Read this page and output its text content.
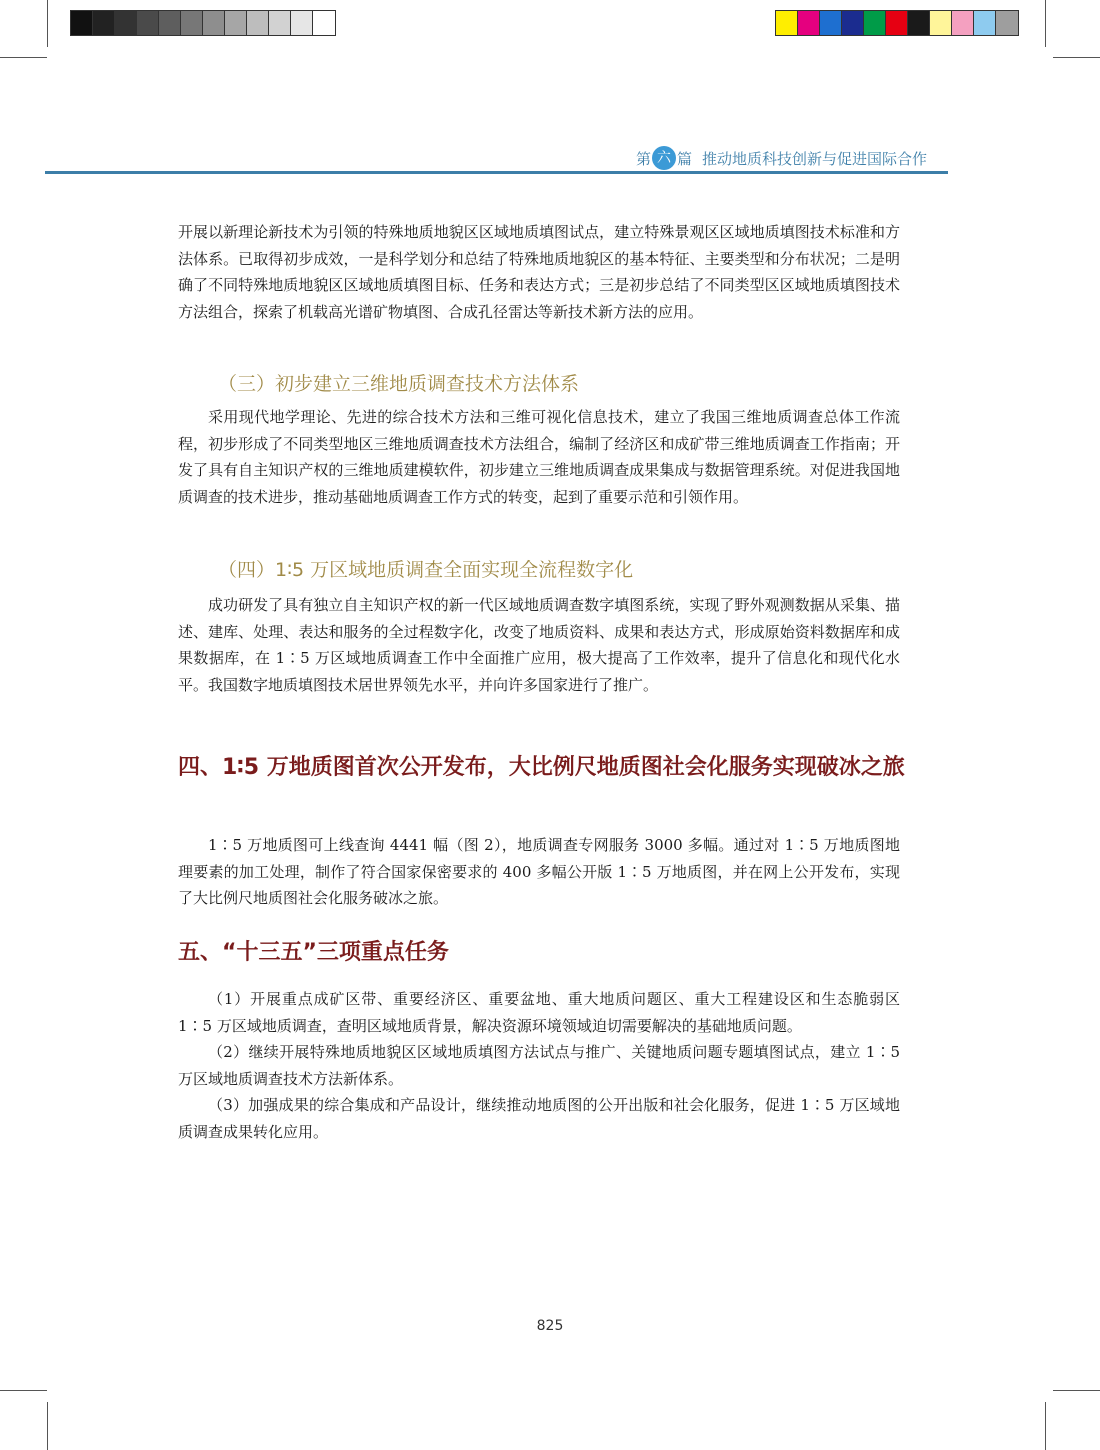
第 六 篇 推动地质科技创新与促进国际合作

开展以新理论新技术为引领的特殊地质地貌区区域地质填图试点，建立特殊景观区区域地质填图技术标准和方法体系。已取得初步成效，一是科学划分和总结了特殊地质地貌区的基本特征、主要类型和分布状况；二是明确了不同特殊地质地貌区区域地质填图目标、任务和表达方式；三是初步总结了不同类型区区域地质填图技术方法组合，探索了机载高光谱矿物填图、合成孔径雷达等新技术新方法的应用。

（三）初步建立三维地质调查技术方法体系

采用现代地学理论、先进的综合技术方法和三维可视化信息技术，建立了我国三维地质调查总体工作流程，初步形成了不同类型地区三维地质调查技术方法组合，编制了经济区和成矿带三维地质调查工作指南；开发了具有自主知识产权的三维地质建模软件，初步建立三维地质调查成果集成与数据管理系统。对促进我国地质调查的技术进步，推动基础地质调查工作方式的转变，起到了重要示范和引领作用。

（四）1∶5 万区域地质调查全面实现全流程数字化

成功研发了具有独立自主知识产权的新一代区域地质调查数字填图系统，实现了野外观测数据从采集、描述、建库、处理、表达和服务的全过程数字化，改变了地质资料、成果和表达方式，形成原始资料数据库和成果数据库，在 1∶5 万区域地质调查工作中全面推广应用，极大提高了工作效率，提升了信息化和现代化水平。我国数字地质填图技术居世界领先水平，并向许多国家进行了推广。

四、1∶5 万地质图首次公开发布，大比例尺地质图社会化服务实现破冰之旅

1∶5 万地质图可上线查询 4441 幅（图 2），地质调查专网服务 3000 多幅。通过对 1∶5 万地质图地理要素的加工处理，制作了符合国家保密要求的 400 多幅公开版 1∶5 万地质图，并在网上公开发布，实现了大比例尺地质图社会化服务破冰之旅。

五、“十三五”三项重点任务

（1）开展重点成矿区带、重要经济区、重要盆地、重大地质问题区、重大工程建设区和生态脆弱区 1∶5 万区域地质调查，查明区域地质背景，解决资源环境领域迫切需要解决的基础地质问题。

（2）继续开展特殊地质地貌区区域地质填图方法试点与推广、关键地质问题专题填图试点，建立 1∶5 万区域地质调查技术方法新体系。

（3）加强成果的综合集成和产品设计，继续推动地质图的公开出版和社会化服务，促进 1∶5 万区域地质调查成果转化应用。

825
